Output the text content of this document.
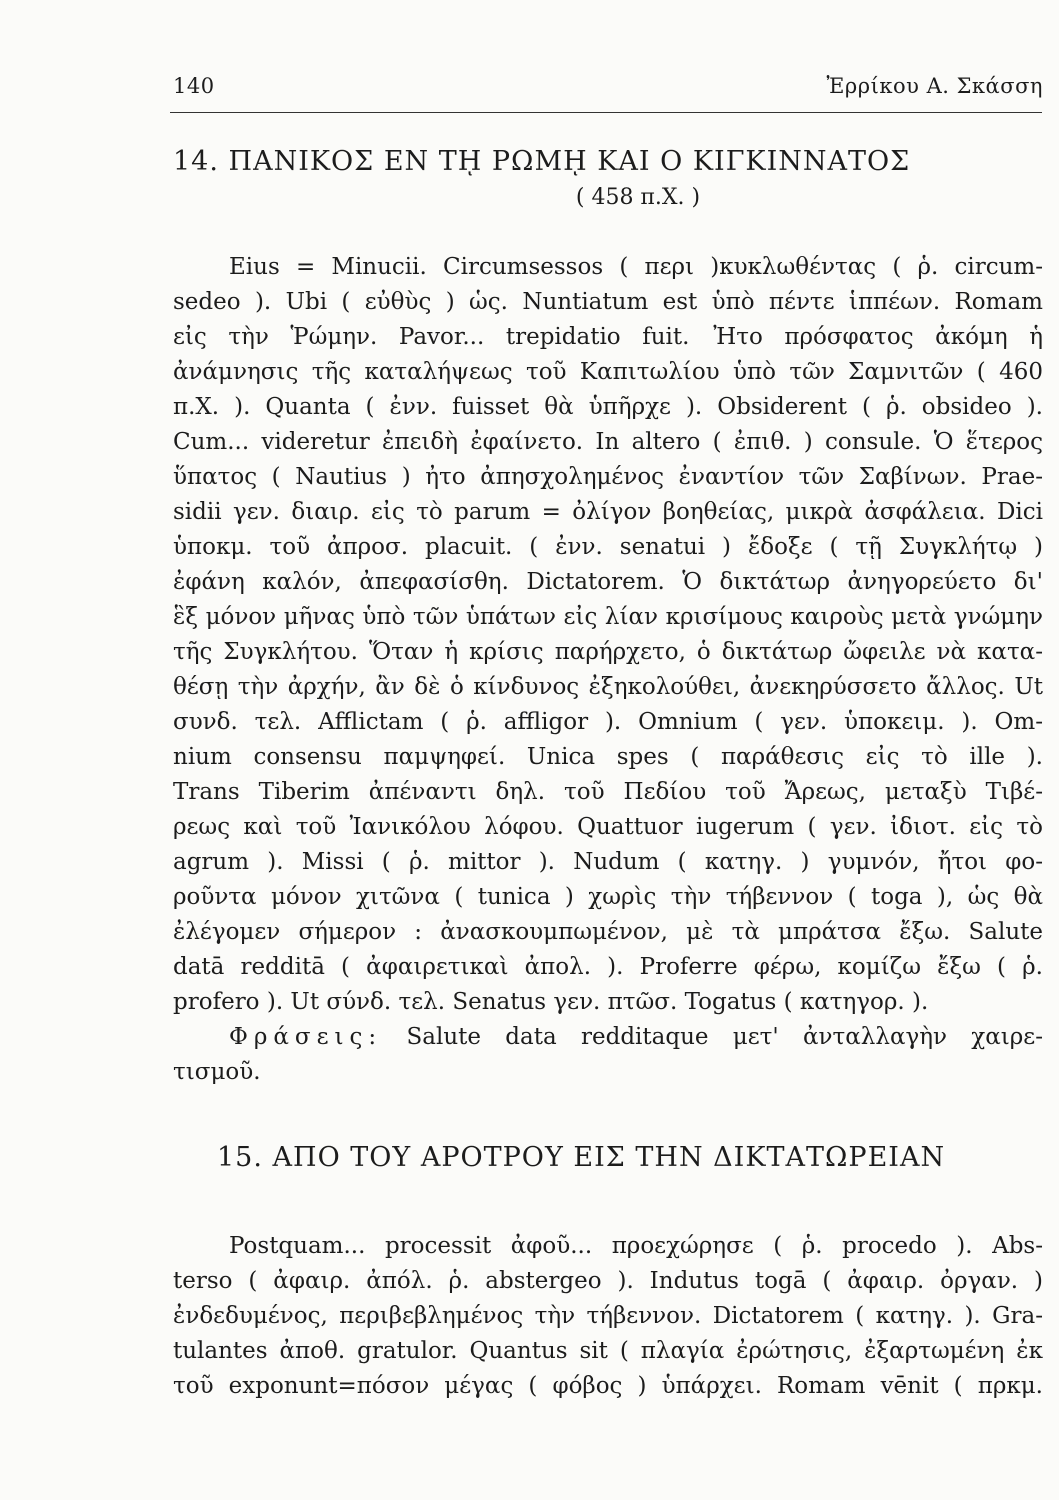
140	Ἐρρίκου Α. Σκάσση
14. ΠΑΝΙΚΟΣ ΕΝ Τῌ ΡΩΜῌ ΚΑΙ Ο ΚΙΓΚΙΝΝΑΤΟΣ
( 458 π.Χ. )
Eius = Minucii. Circumsessos ( περι )κυκλωθέντας ( ῥ. circum-
sedeo ). Ubi ( εὐθὺς ) ὡς. Nuntiatum est ὑπὸ πέντε ἱππέων. Romam
εἰς τὴν Ῥώμην. Pavor... trepidatio fuit. Ἦτο πρόσφατος ἀκόμη ἡ
ἀνάμνησις τῆς καταλήψεως τοῦ Καπιτωλίου ὑπὸ τῶν Σαμνιτῶν ( 460
π.Χ. ). Quanta ( ἐνν. fuisset θὰ ὑπῆρχε ). Obsiderent ( ῥ. obsideo ).
Cum... videretur ἐπειδὴ ἐφαίνετο. In altero ( ἐπιθ. ) consule. Ὁ ἕτερος
ὕπατος ( Nautius ) ἦτο ἀπησχολημένος ἐναντίον τῶν Σαβίνων. Prae-
sidii γεν. διαιρ. εἰς τὸ parum = ὀλίγον βοηθείας, μικρὰ ἀσφάλεια. Dici
ὑποκμ. τοῦ ἀπροσ. placuit. ( ἐνν. senatui ) ἔδοξε ( τῇ Συγκλήτῳ )
ἐφάνη καλόν, ἀπεφασίσθη. Dictatorem. Ὁ δικτάτωρ ἀνηγορεύετο δι'
ἓξ μόνον μῆνας ὑπὸ τῶν ὑπάτων εἰς λίαν κρισίμους καιροὺς μετὰ γνώμην
τῆς Συγκλήτου. Ὅταν ἡ κρίσις παρήρχετο, ὁ δικτάτωρ ὤφειλε νὰ κατα-
θέσῃ τὴν ἀρχήν, ἂν δὲ ὁ κίνδυνος ἐξηκολούθει, ἀνεκηρύσσετο ἄλλος. Ut
συνδ. τελ. Afflictam ( ῥ. affligor ). Omnium ( γεν. ὑποκειμ. ). Om-
nium consensu παμψηφεί. Unica spes ( παράθεσις εἰς τὸ ille ).
Trans Tiberim ἀπέναντι δηλ. τοῦ Πεδίου τοῦ Ἄρεως, μεταξὺ Τιβέ-
ρεως καὶ τοῦ Ἰανικόλου λόφου. Quattuor iugerum ( γεν. ἰδιοτ. εἰς τὸ
agrum ). Missi ( ῥ. mittor ). Nudum ( κατηγ. ) γυμνόν, ἤτοι φο-
ροῦντα μόνον χιτῶνα ( tunica ) χωρὶς τὴν τήβεννον ( toga ), ὡς θὰ
ἐλέγομεν σήμερον : ἀνασκουμπωμένον, μὲ τὰ μπράτσα ἔξω. Salute
datā redditā ( ἀφαιρετικαὶ ἀπολ. ). Proferre φέρω, κομίζω ἔξω ( ῥ.
profero ). Ut σύνδ. τελ. Senatus γεν. πτῶσ. Togatus ( κατηγορ. ).
Φράσεις: Salute data redditaque μετ' ἀνταλλαγὴν χαιρε-
τισμοῦ.
15. ΑΠΟ ΤΟΥ ΑΡΟΤΡΟΥ ΕΙΣ ΤΗΝ ΔΙΚΤΑΤΩΡΕΙΑΝ
Postquam... processit ἀφοῦ... προεχώρησε ( ῥ. procedo ). Abs-
terso ( ἀφαιρ. ἀπόλ. ῥ. abstergeo ). Indutus togā ( ἀφαιρ. ὀργαν. )
ἐνδεδυμένος, περιβεβλημένος τὴν τήβεννον. Dictatorem ( κατηγ. ). Gra-
tulantes ἀποθ. gratulor. Quantus sit ( πλαγία ἐρώτησις, ἐξαρτωμένη ἐκ
τοῦ exponunt=πόσον μέγας ( φόβος ) ὑπάρχει. Romam vēnit ( πρκμ.
